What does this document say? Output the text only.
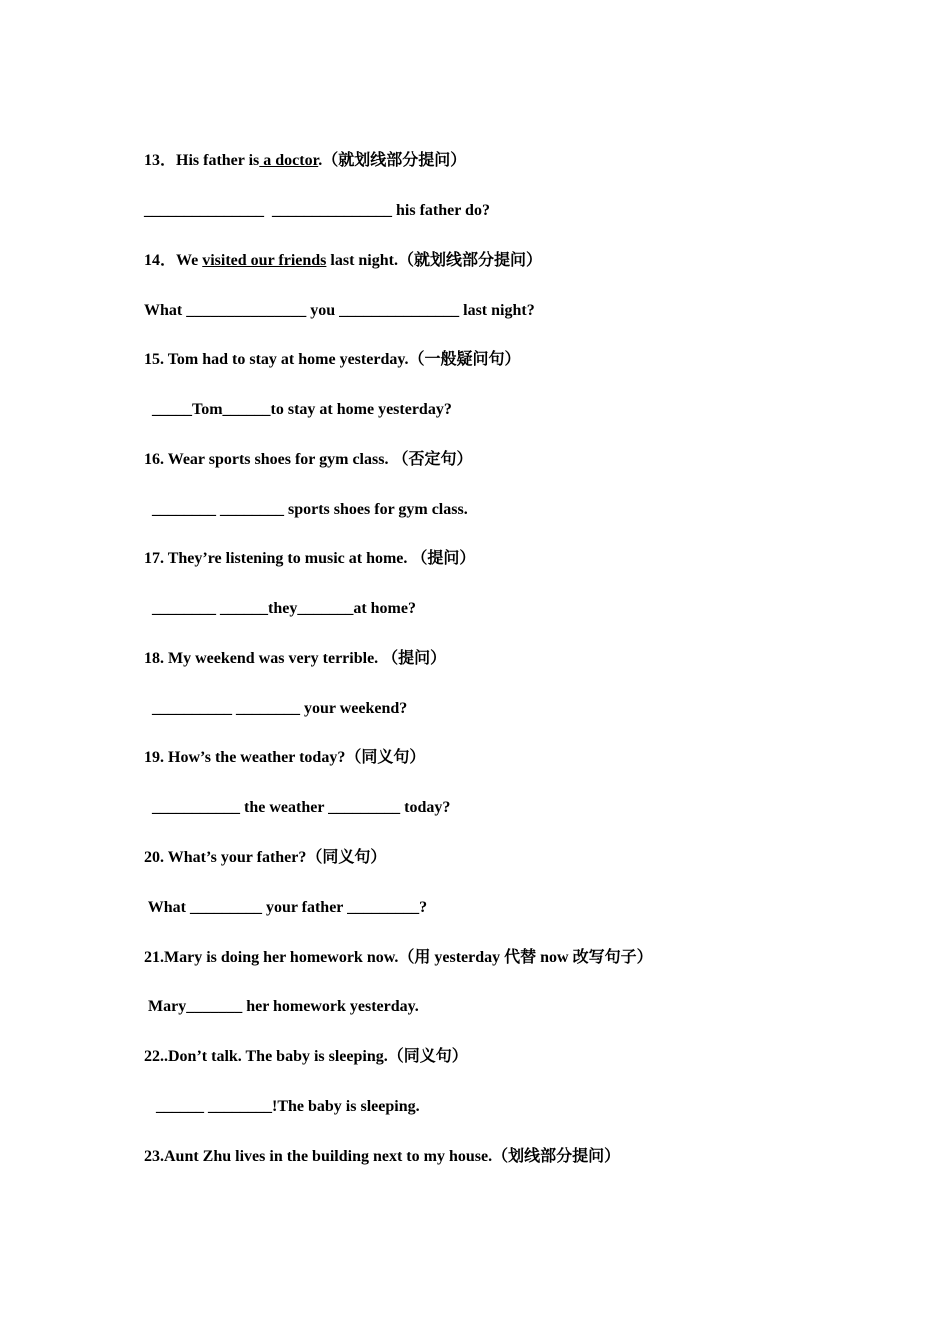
13．His father is a doctor.（就划线部分提问）
_______________  _______________ his father do?
14．We visited our friends last night.（就划线部分提问）
What _______________ you _______________ last night?
15. Tom had to stay at home yesterday.（一般疑问句）
_____Tom______to stay at home yesterday?
16. Wear sports shoes for gym class. （否定句）
________ ________ sports shoes for gym class.
17. They’re listening to music at home. （提问）
________ ______they_______at home?
18. My weekend was very terrible. （提问）
__________ ________ your weekend?
19. How’s the weather today?（同义句）
___________ the weather _________ today?
20. What’s your father?（同义句）
What _________ your father _________?
21.Mary is doing her homework now.（用 yesterday 代替 now 改写句子）
Mary_______ her homework yesterday.
22..Don’t talk. The baby is sleeping.（同义句）
______ ________!The baby is sleeping.
23.Aunt Zhu lives in the building next to my house.（划线部分提问）
